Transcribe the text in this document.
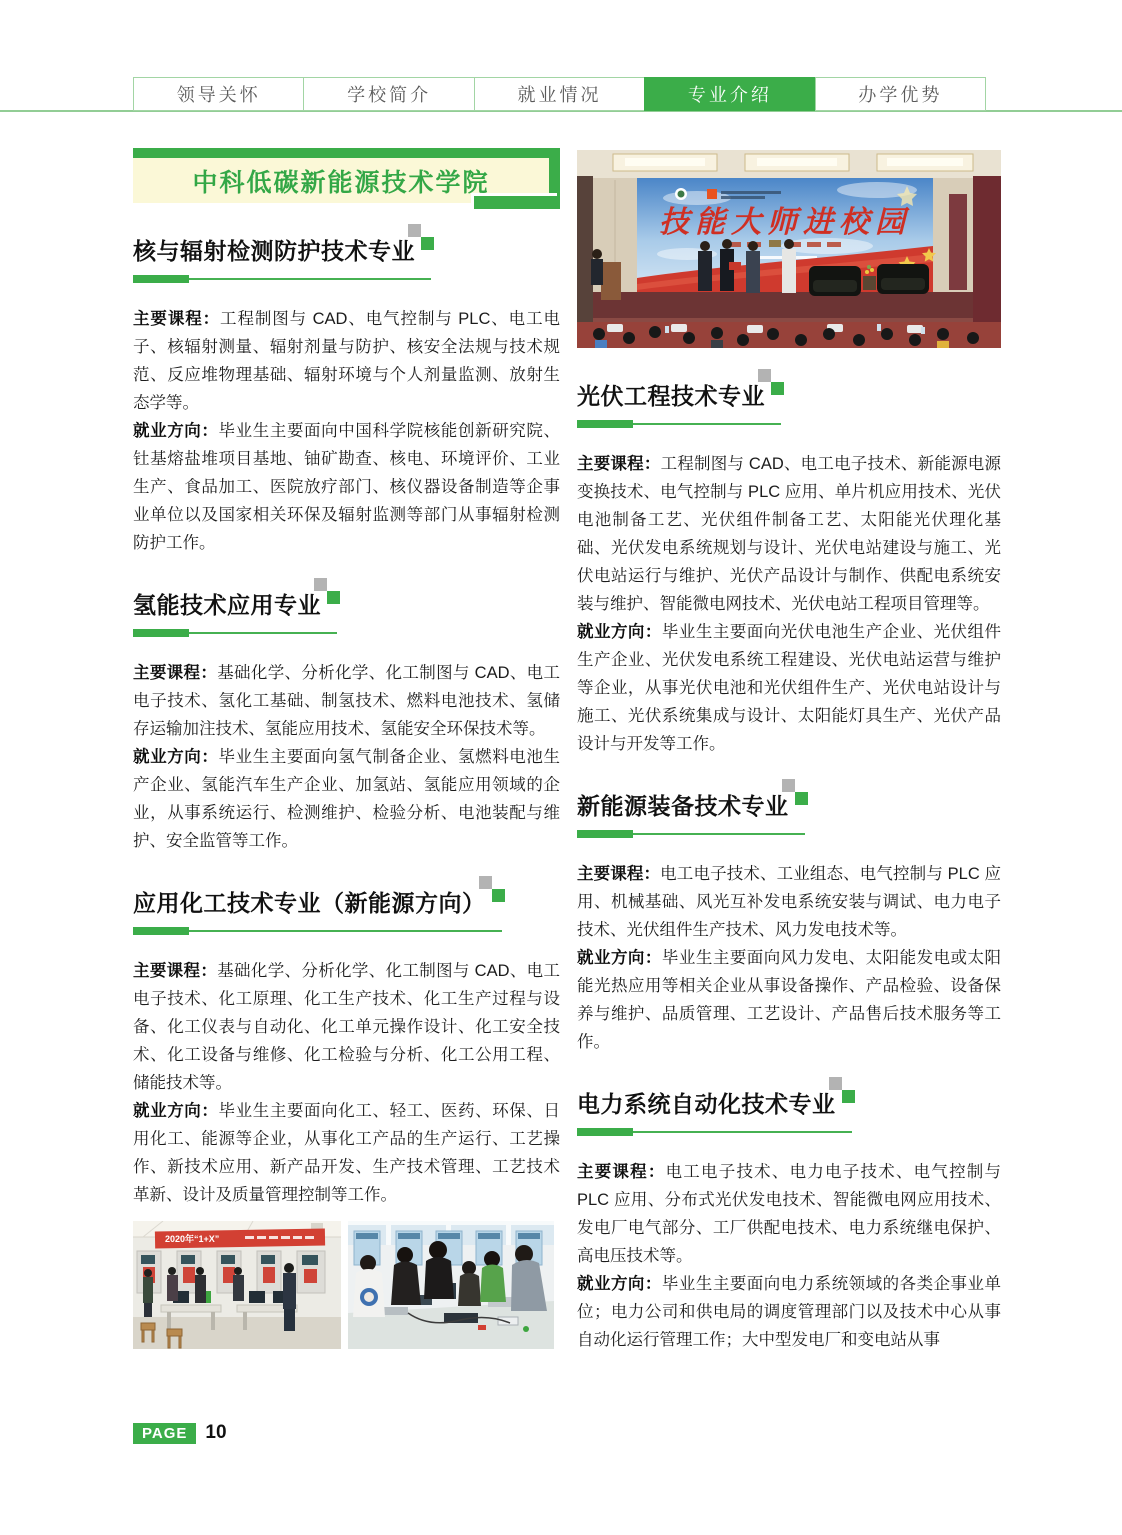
领导关怀	学校简介	就业情况	专业介绍	办学优势
中科低碳新能源技术学院
核与辐射检测防护技术专业

主要课程：工程制图与 CAD、电气控制与 PLC、电工电子、核辐射测量、辐射剂量与防护、核安全法规与技术规范、反应堆物理基础、辐射环境与个人剂量监测、放射生态学等。

就业方向：毕业生主要面向中国科学院核能创新研究院、钍基熔盐堆项目基地、铀矿勘查、核电、环境评价、工业生产、食品加工、医院放疗部门、核仪器设备制造等企事业单位以及国家相关环保及辐射监测等部门从事辐射检测防护工作。

氢能技术应用专业

主要课程：基础化学、分析化学、化工制图与 CAD、电工电子技术、氢化工基础、制氢技术、燃料电池技术、氢储存运输加注技术、氢能应用技术、氢能安全环保技术等。

就业方向：毕业生主要面向氢气制备企业、氢燃料电池生产企业、氢能汽车生产企业、加氢站、氢能应用领域的企业，从事系统运行、检测维护、检验分析、电池装配与维护、安全监管等工作。

应用化工技术专业（新能源方向）

主要课程：基础化学、分析化学、化工制图与 CAD、电工电子技术、化工原理、化工生产技术、化工生产过程与设备、化工仪表与自动化、化工单元操作设计、化工安全技术、化工设备与维修、化工检验与分析、化工公用工程、储能技术等。

就业方向：毕业生主要面向化工、轻工、医药、环保、日用化工、能源等企业，从事化工产品的生产运行、工艺操作、新技术应用、新产品开发、生产技术管理、工艺技术革新、设计及质量管理控制等工作。

2020年“1+X”
技能大师进校园
光伏工程技术专业

主要课程：工程制图与 CAD、电工电子技术、新能源电源变换技术、电气控制与 PLC 应用、单片机应用技术、光伏电池制备工艺、光伏组件制备工艺、太阳能光伏理化基础、光伏发电系统规划与设计、光伏电站建设与施工、光伏电站运行与维护、光伏产品设计与制作、供配电系统安装与维护、智能微电网技术、光伏电站工程项目管理等。

就业方向：毕业生主要面向光伏电池生产企业、光伏组件生产企业、光伏发电系统工程建设、光伏电站运营与维护等企业，从事光伏电池和光伏组件生产、光伏电站设计与施工、光伏系统集成与设计、太阳能灯具生产、光伏产品设计与开发等工作。

新能源装备技术专业

主要课程：电工电子技术、工业组态、电气控制与 PLC 应用、机械基础、风光互补发电系统安装与调试、电力电子技术、光伏组件生产技术、风力发电技术等。

就业方向：毕业生主要面向风力发电、太阳能发电或太阳能光热应用等相关企业从事设备操作、产品检验、设备保养与维护、品质管理、工艺设计、产品售后技术服务等工作。

电力系统自动化技术专业

主要课程：电工电子技术、电力电子技术、电气控制与 PLC 应用、分布式光伏发电技术、智能微电网应用技术、发电厂电气部分、工厂供配电技术、电力系统继电保护、高电压技术等。

就业方向：毕业生主要面向电力系统领域的各类企事业单位；电力公司和供电局的调度管理部门以及技术中心从事自动化运行管理工作；大中型发电厂和变电站从事

PAGE 10
